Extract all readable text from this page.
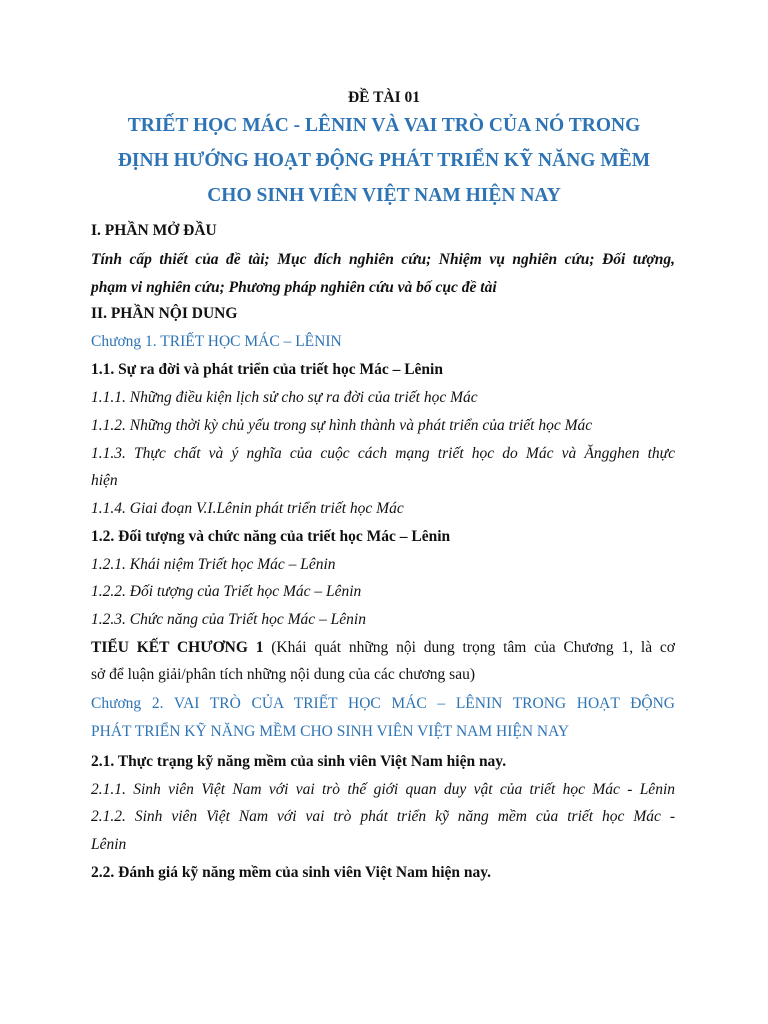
ĐỀ TÀI 01
TRIẾT HỌC MÁC - LÊNIN VÀ VAI TRÒ CỦA NÓ TRONG
ĐỊNH HƯỚNG HOẠT ĐỘNG PHÁT TRIỂN KỸ NĂNG MỀM
CHO SINH VIÊN VIỆT NAM HIỆN NAY
I. PHẦN MỞ ĐẦU
Tính cấp thiết của đề tài; Mục đích nghiên cứu; Nhiệm vụ nghiên cứu; Đối tượng,
phạm vi nghiên cứu; Phương pháp nghiên cứu và bố cục đề tài
II. PHẦN NỘI DUNG
Chương 1. TRIẾT HỌC MÁC – LÊNIN
1.1. Sự ra đời và phát triển của triết học Mác – Lênin
1.1.1. Những điều kiện lịch sử cho sự ra đời của triết học Mác
1.1.2. Những thời kỳ chủ yếu trong sự hình thành và phát triển của triết học Mác
1.1.3. Thực chất và ý nghĩa của cuộc cách mạng triết học do Mác và Ăngghen thực
hiện
1.1.4. Giai đoạn V.I.Lênin phát triển triết học Mác
1.2. Đối tượng và chức năng của triết học Mác – Lênin
1.2.1. Khái niệm Triết học Mác – Lênin
1.2.2. Đối tượng của Triết học Mác – Lênin
1.2.3. Chức năng của Triết học Mác – Lênin
TIỂU KẾT CHƯƠNG 1 (Khái quát những nội dung trọng tâm của Chương 1, là cơ
sở để luận giải/phân tích những nội dung của các chương sau)
Chương 2. VAI TRÒ CỦA TRIẾT HỌC MÁC – LÊNIN TRONG HOẠT ĐỘNG
PHÁT TRIỂN KỸ NĂNG MỀM CHO SINH VIÊN VIỆT NAM HIỆN NAY
2.1. Thực trạng kỹ năng mềm của sinh viên Việt Nam hiện nay.
2.1.1. Sinh viên Việt Nam với vai trò thế giới quan duy vật của triết học Mác - Lênin
2.1.2. Sinh viên Việt Nam với vai trò phát triển kỹ năng mềm của triết học Mác -
Lênin
2.2. Đánh giá kỹ năng mềm của sinh viên Việt Nam hiện nay.
